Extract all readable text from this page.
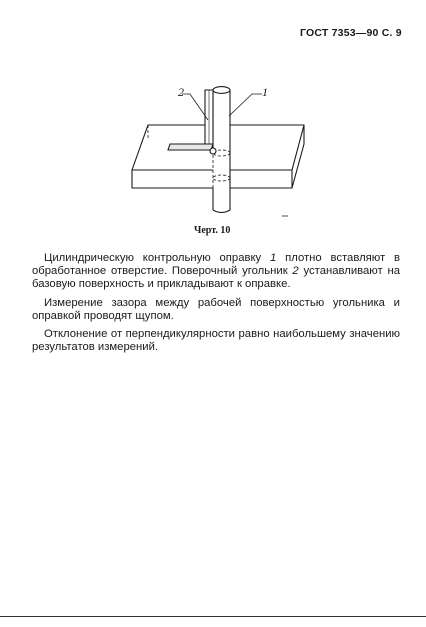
ГОСТ 7353—90 С. 9
2	1
Черт. 10

Цилиндрическую контрольную оправку 1 плотно вставляют в обработанное отверстие. Поверочный угольник 2 устанавливают на базовую поверхность и прикладывают к оправке.

Измерение зазора между рабочей поверхностью угольника и оправкой проводят щупом.

Отклонение от перпендикулярности равно наибольшему значению результатов измерений.
